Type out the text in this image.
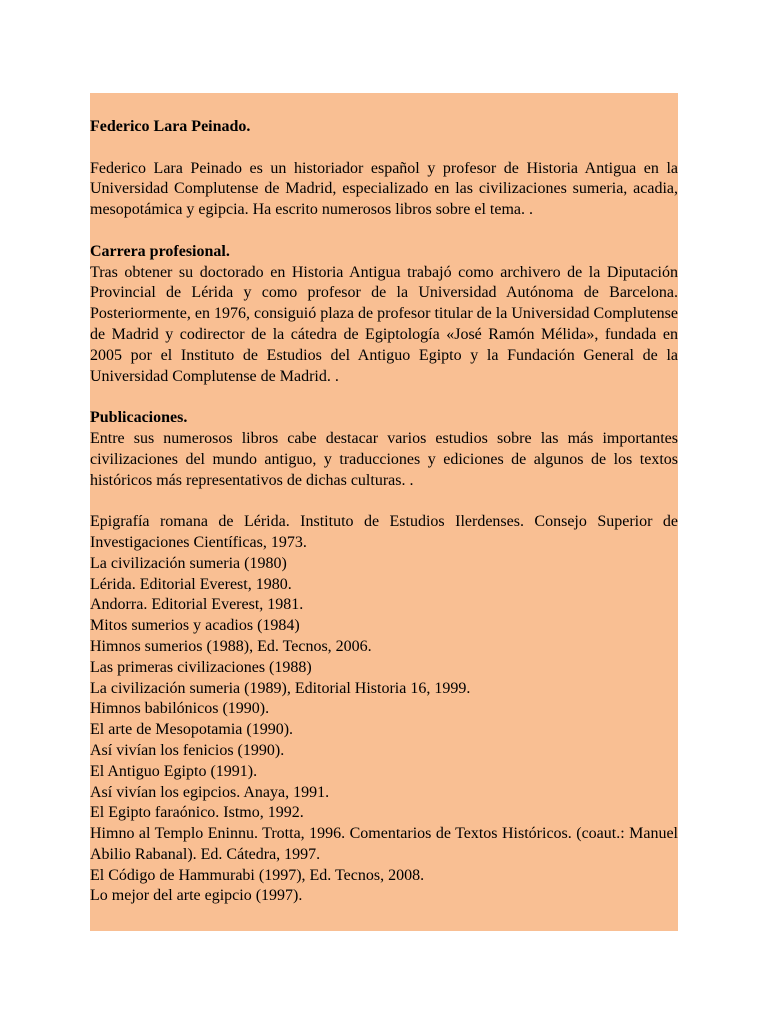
Federico Lara Peinado.

Federico Lara Peinado es un historiador español y profesor de Historia Antigua en la Universidad Complutense de Madrid, especializado en las civilizaciones sumeria, acadia, mesopotámica y egipcia. Ha escrito numerosos libros sobre el tema. .

Carrera profesional.

Tras obtener su doctorado en Historia Antigua trabajó como archivero de la Diputación Provincial de Lérida y como profesor de la Universidad Autónoma de Barcelona. Posteriormente, en 1976, consiguió plaza de profesor titular de la Universidad Complutense de Madrid y codirector de la cátedra de Egiptología «José Ramón Mélida», fundada en 2005 por el Instituto de Estudios del Antiguo Egipto y la Fundación General de la Universidad Complutense de Madrid. .

Publicaciones.

Entre sus numerosos libros cabe destacar varios estudios sobre las más importantes civilizaciones del mundo antiguo, y traducciones y ediciones de algunos de los textos históricos más representativos de dichas culturas. .

Epigrafía romana de Lérida. Instituto de Estudios Ilerdenses. Consejo Superior de Investigaciones Científicas, 1973.
La civilización sumeria (1980)
Lérida. Editorial Everest, 1980.
Andorra. Editorial Everest, 1981.
Mitos sumerios y acadios (1984)
Himnos sumerios (1988), Ed. Tecnos, 2006.
Las primeras civilizaciones (1988)
La civilización sumeria (1989), Editorial Historia 16, 1999.
Himnos babilónicos (1990).
El arte de Mesopotamia (1990).
Así vivían los fenicios (1990).
El Antiguo Egipto (1991).
Así vivían los egipcios. Anaya, 1991.
El Egipto faraónico. Istmo, 1992.
Himno al Templo Eninnu. Trotta, 1996. Comentarios de Textos Históricos. (coaut.: Manuel Abilio Rabanal). Ed. Cátedra, 1997.
El Código de Hammurabi (1997), Ed. Tecnos, 2008.
Lo mejor del arte egipcio (1997).
